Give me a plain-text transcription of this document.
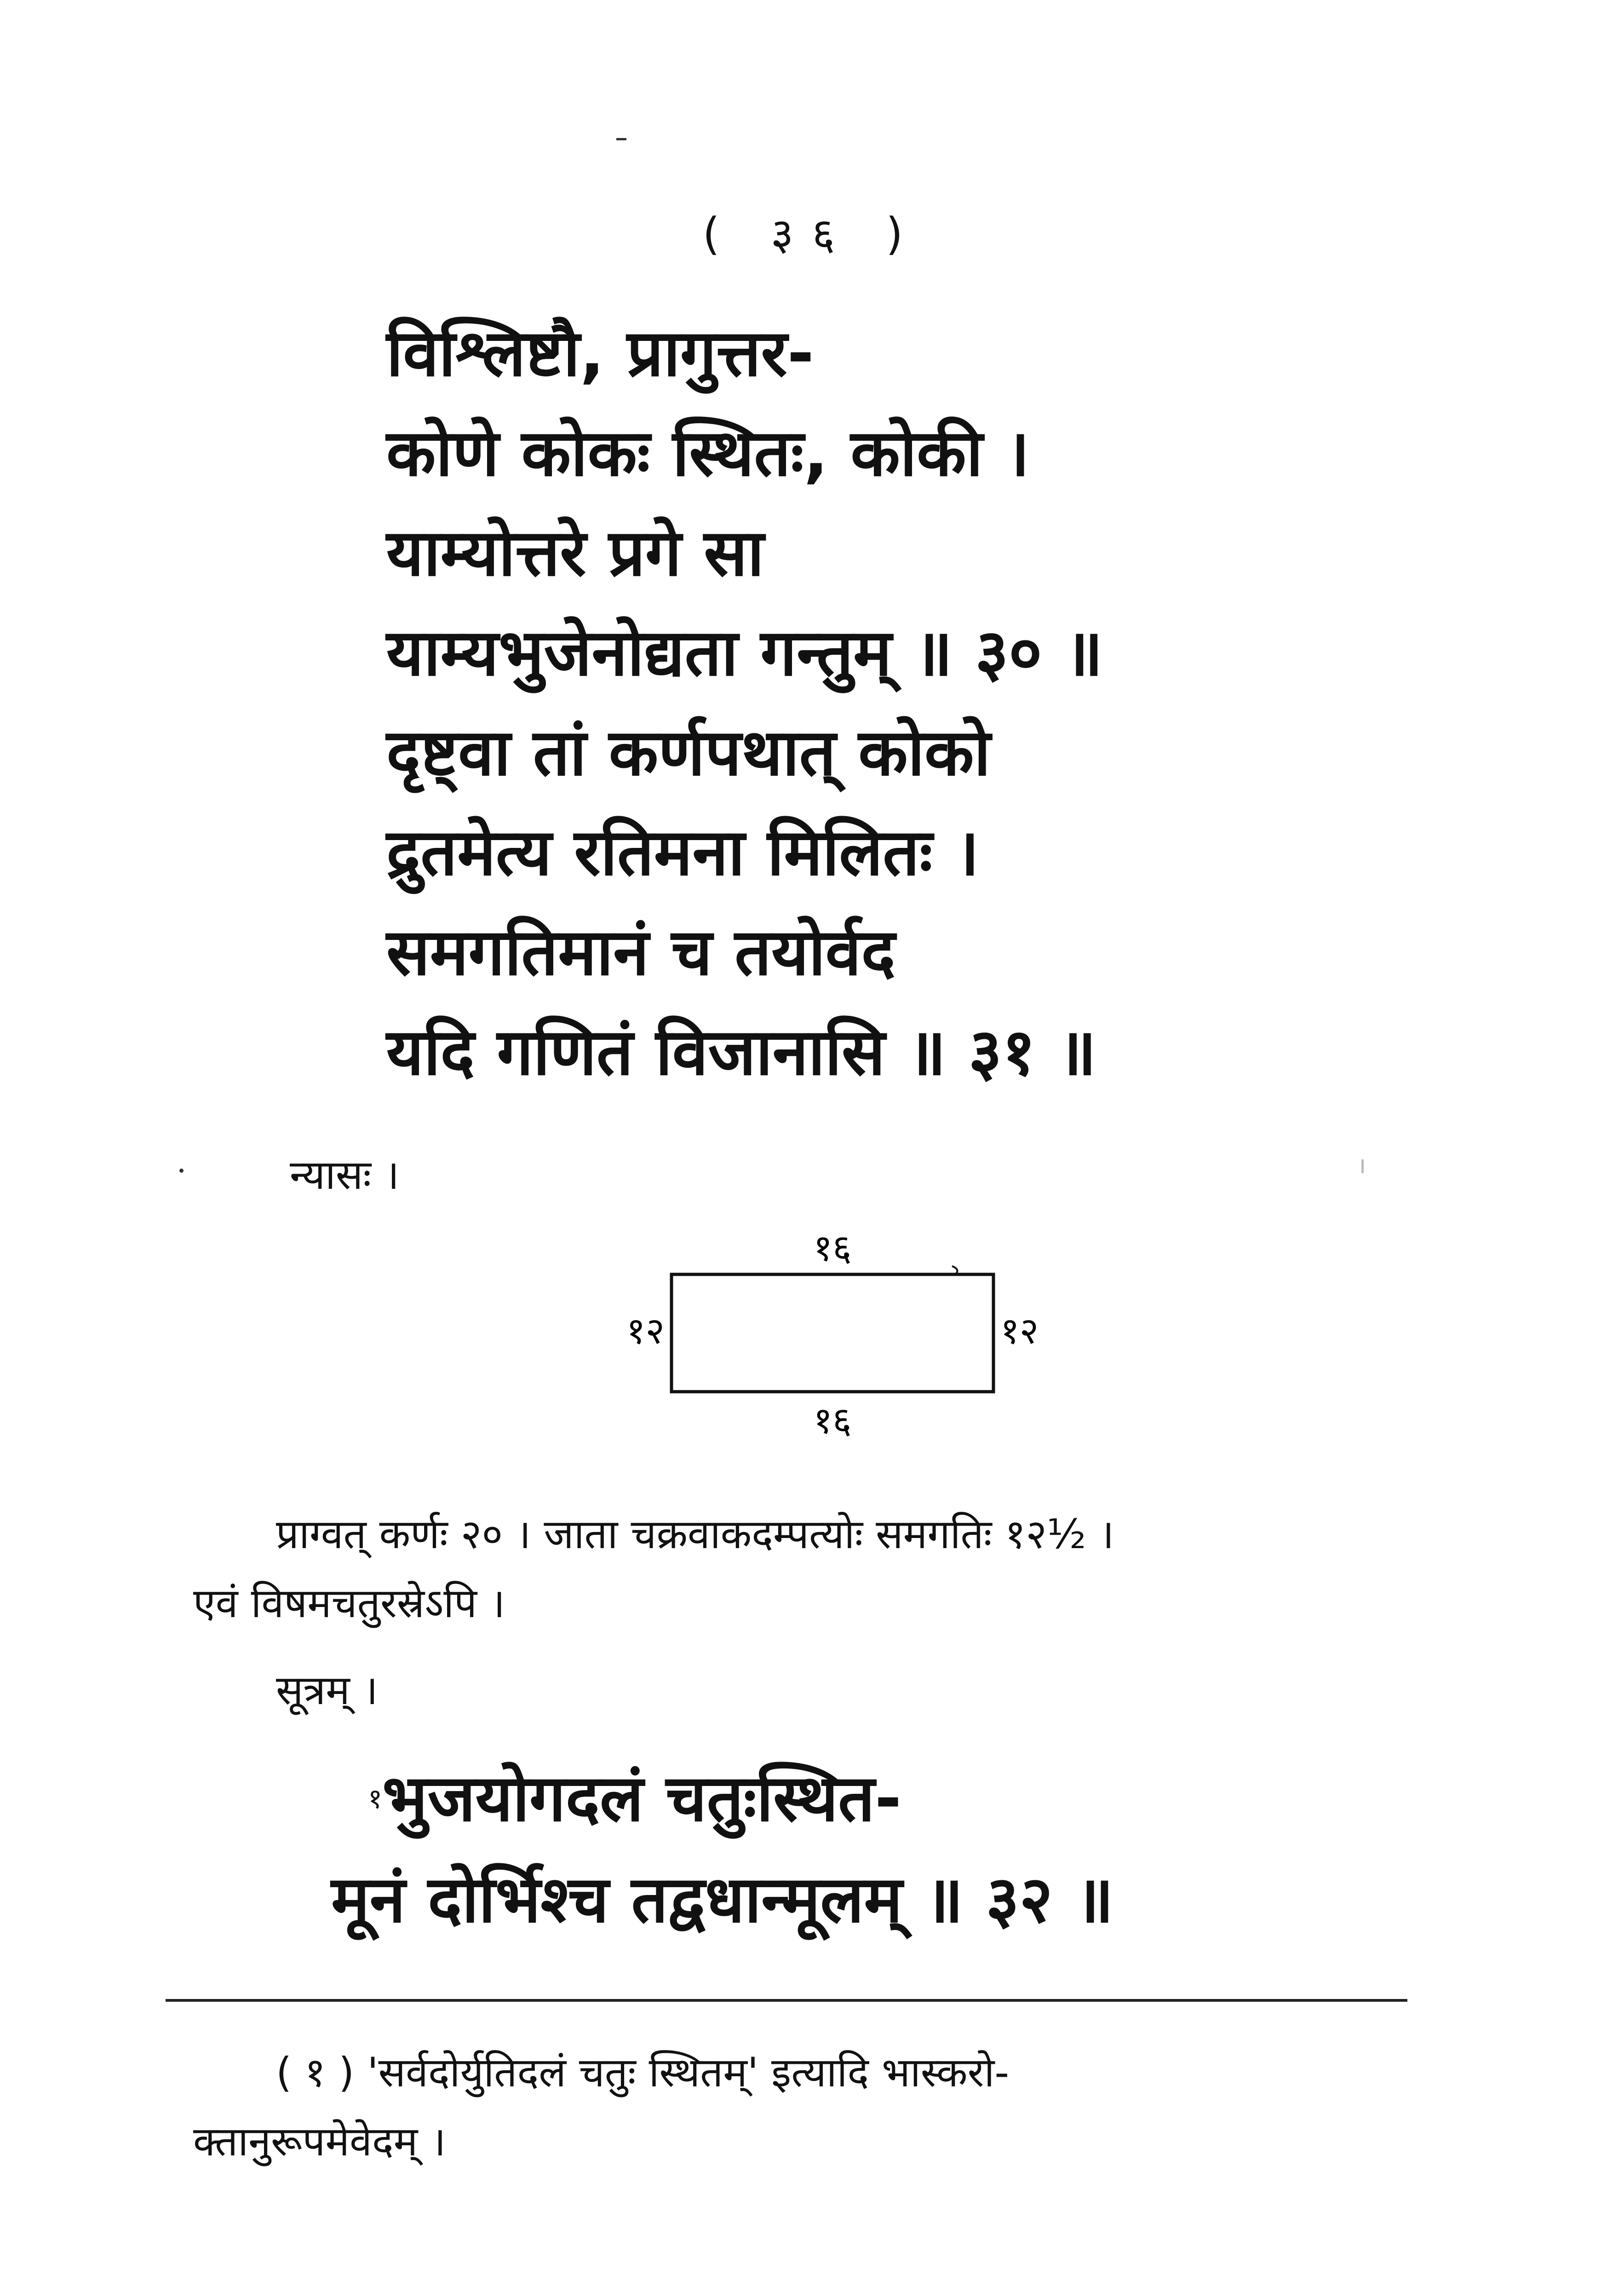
( ३६ )
विश्लिष्टौ, प्रागुत्तर-
कोणे कोकः स्थितः, कोकी ।
याम्योत्तरे प्रगे सा
याम्यभुजेनोद्यता गन्तुम् ॥ ३० ॥
दृष्ट्वा तां कर्णपथात् कोको
द्रुतमेत्य रतिमना मिलितः ।
समगतिमानं च तयोर्वद
यदि गणितं विजानासि ॥ ३१ ॥
न्यासः ।
१६
१६
१२	१२

प्राग्वत् कर्णः २० । जाता चक्रवाकदम्पत्योः समगतिः १२½ ।

एवं विषमचतुरस्रेऽपि ।

सूत्रम् ।
$^१$भुजयोगदलं चतुःस्थित-
मूनं दोर्भिश्च तद्वधान्मूलम् ॥ ३२ ॥

( १ ) 'सर्वदोर्युतिदलं चतुः स्थितम्' इत्यादि भास्करो-

क्तानुरूपमेवेदम् ।
